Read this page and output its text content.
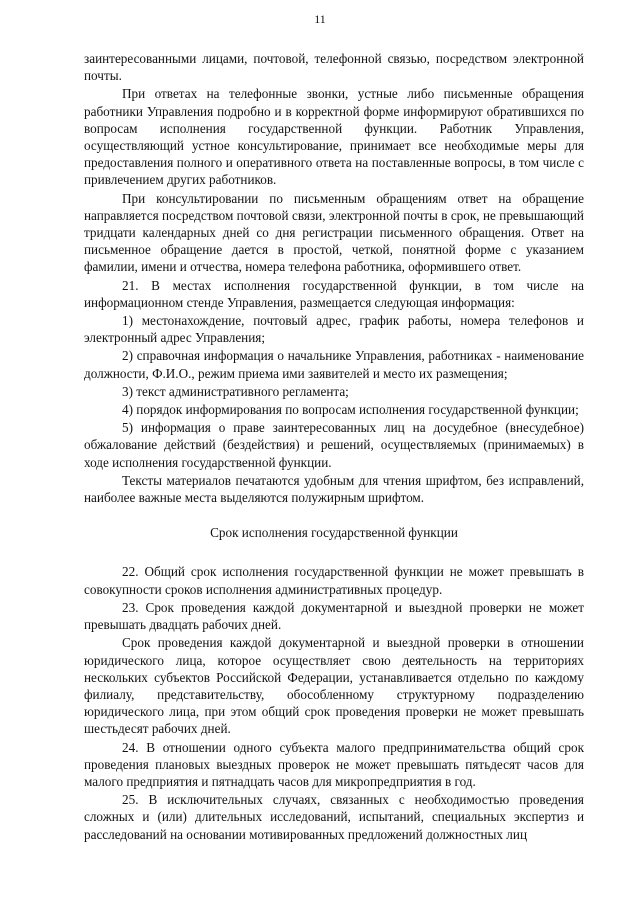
11

заинтересованными лицами, почтовой, телефонной связью, посредством электронной почты.

При ответах на телефонные звонки, устные либо письменные обращения работники Управления подробно и в корректной форме информируют обратившихся по вопросам исполнения государственной функции. Работник Управления, осуществляющий устное консультирование, принимает все необходимые меры для предоставления полного и оперативного ответа на поставленные вопросы, в том числе с привлечением других работников.

При консультировании по письменным обращениям ответ на обращение направляется посредством почтовой связи, электронной почты в срок, не превышающий тридцати календарных дней со дня регистрации письменного обращения. Ответ на письменное обращение дается в простой, четкой, понятной форме с указанием фамилии, имени и отчества, номера телефона работника, оформившего ответ.

21. В местах исполнения государственной функции, в том числе на информационном стенде Управления, размещается следующая информация:

1) местонахождение, почтовый адрес, график работы, номера телефонов и электронный адрес Управления;

2) справочная информация о начальнике Управления, работниках - наименование должности, Ф.И.О., режим приема ими заявителей и место их размещения;

3) текст административного регламента;

4) порядок информирования по вопросам исполнения государственной функции;

5) информация о праве заинтересованных лиц на досудебное (внесудебное) обжалование действий (бездействия) и решений, осуществляемых (принимаемых) в ходе исполнения государственной функции.

Тексты материалов печатаются удобным для чтения шрифтом, без исправлений, наиболее важные места выделяются полужирным шрифтом.

Срок исполнения государственной функции

22. Общий срок исполнения государственной функции не может превышать в совокупности сроков исполнения административных процедур.

23. Срок проведения каждой документарной и выездной проверки не может превышать двадцать рабочих дней.

Срок проведения каждой документарной и выездной проверки в отношении юридического лица, которое осуществляет свою деятельность на территориях нескольких субъектов Российской Федерации, устанавливается отдельно по каждому филиалу, представительству, обособленному структурному подразделению юридического лица, при этом общий срок проведения проверки не может превышать шестьдесят рабочих дней.

24. В отношении одного субъекта малого предпринимательства общий срок проведения плановых выездных проверок не может превышать пятьдесят часов для малого предприятия и пятнадцать часов для микропредприятия в год.

25. В исключительных случаях, связанных с необходимостью проведения сложных и (или) длительных исследований, испытаний, специальных экспертиз и расследований на основании мотивированных предложений должностных лиц
